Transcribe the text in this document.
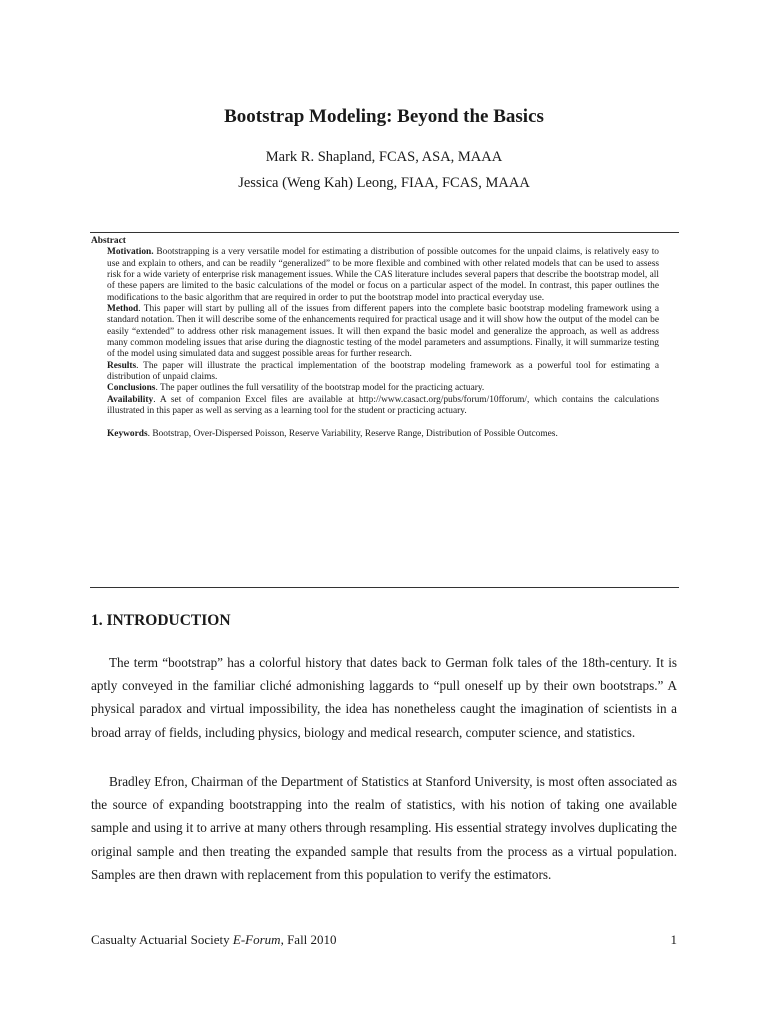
Bootstrap Modeling: Beyond the Basics
Mark R. Shapland, FCAS, ASA, MAAA
Jessica (Weng Kah) Leong, FIAA, FCAS, MAAA
Abstract

Motivation. Bootstrapping is a very versatile model for estimating a distribution of possible outcomes for the unpaid claims, is relatively easy to use and explain to others, and can be readily “generalized” to be more flexible and combined with other related models that can be used to assess risk for a wide variety of enterprise risk management issues. While the CAS literature includes several papers that describe the bootstrap model, all of these papers are limited to the basic calculations of the model or focus on a particular aspect of the model. In contrast, this paper outlines the modifications to the basic algorithm that are required in order to put the bootstrap model into practical everyday use.

Method. This paper will start by pulling all of the issues from different papers into the complete basic bootstrap modeling framework using a standard notation. Then it will describe some of the enhancements required for practical usage and it will show how the output of the model can be easily “extended” to address other risk management issues. It will then expand the basic model and generalize the approach, as well as address many common modeling issues that arise during the diagnostic testing of the model parameters and assumptions. Finally, it will summarize testing of the model using simulated data and suggest possible areas for further research.

Results. The paper will illustrate the practical implementation of the bootstrap modeling framework as a powerful tool for estimating a distribution of unpaid claims.

Conclusions. The paper outlines the full versatility of the bootstrap model for the practicing actuary.

Availability. A set of companion Excel files are available at http://www.casact.org/pubs/forum/10fforum/, which contains the calculations illustrated in this paper as well as serving as a learning tool for the student or practicing actuary.

Keywords. Bootstrap, Over-Dispersed Poisson, Reserve Variability, Reserve Range, Distribution of Possible Outcomes.

1. INTRODUCTION

The term “bootstrap” has a colorful history that dates back to German folk tales of the 18th-century. It is aptly conveyed in the familiar cliché admonishing laggards to “pull oneself up by their own bootstraps.” A physical paradox and virtual impossibility, the idea has nonetheless caught the imagination of scientists in a broad array of fields, including physics, biology and medical research, computer science, and statistics.

Bradley Efron, Chairman of the Department of Statistics at Stanford University, is most often associated as the source of expanding bootstrapping into the realm of statistics, with his notion of taking one available sample and using it to arrive at many others through resampling. His essential strategy involves duplicating the original sample and then treating the expanded sample that results from the process as a virtual population. Samples are then drawn with replacement from this population to verify the estimators.

Casualty Actuarial Society E-Forum, Fall 2010	1
